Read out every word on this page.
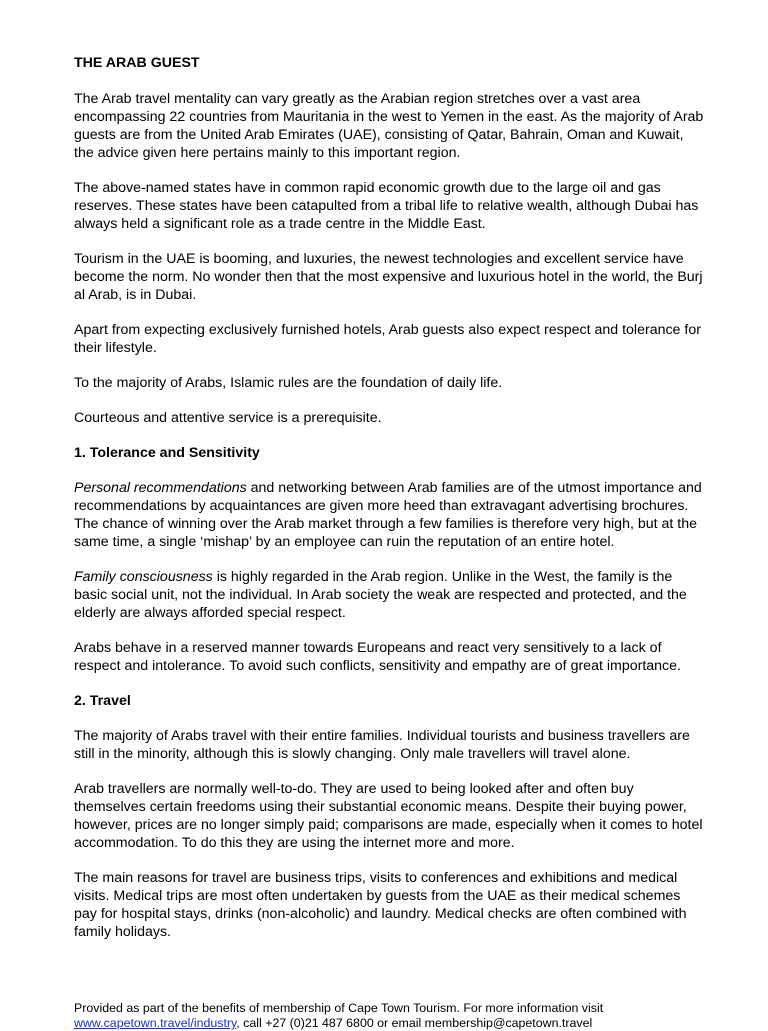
THE ARAB GUEST

The Arab travel mentality can vary greatly as the Arabian region stretches over a vast area encompassing 22 countries from Mauritania in the west to Yemen in the east. As the majority of Arab guests are from the United Arab Emirates (UAE), consisting of Qatar, Bahrain, Oman and Kuwait, the advice given here pertains mainly to this important region.

The above-named states have in common rapid economic growth due to the large oil and gas reserves. These states have been catapulted from a tribal life to relative wealth, although Dubai has always held a significant role as a trade centre in the Middle East.

Tourism in the UAE is booming, and luxuries, the newest technologies and excellent service have become the norm. No wonder then that the most expensive and luxurious hotel in the world, the Burj al Arab, is in Dubai.

Apart from expecting exclusively furnished hotels, Arab guests also expect respect and tolerance for their lifestyle.

To the majority of Arabs, Islamic rules are the foundation of daily life.

Courteous and attentive service is a prerequisite.

1. Tolerance and Sensitivity

Personal recommendations and networking between Arab families are of the utmost importance and recommendations by acquaintances are given more heed than extravagant advertising brochures. The chance of winning over the Arab market through a few families is therefore very high, but at the same time, a single ‘mishap’ by an employee can ruin the reputation of an entire hotel.

Family consciousness is highly regarded in the Arab region. Unlike in the West, the family is the basic social unit, not the individual. In Arab society the weak are respected and protected, and the elderly are always afforded special respect.

Arabs behave in a reserved manner towards Europeans and react very sensitively to a lack of respect and intolerance. To avoid such conflicts, sensitivity and empathy are of great importance.

2. Travel

The majority of Arabs travel with their entire families. Individual tourists and business travellers are still in the minority, although this is slowly changing. Only male travellers will travel alone.

Arab travellers are normally well-to-do. They are used to being looked after and often buy themselves certain freedoms using their substantial economic means. Despite their buying power, however, prices are no longer simply paid; comparisons are made, especially when it comes to hotel accommodation. To do this they are using the internet more and more.

The main reasons for travel are business trips, visits to conferences and exhibitions and medical visits. Medical trips are most often undertaken by guests from the UAE as their medical schemes pay for hospital stays, drinks (non-alcoholic) and laundry. Medical checks are often combined with family holidays.

Provided as part of the benefits of membership of Cape Town Tourism. For more information visit
www.capetown.travel/industry, call +27 (0)21 487 6800 or email membership@capetown.travel
